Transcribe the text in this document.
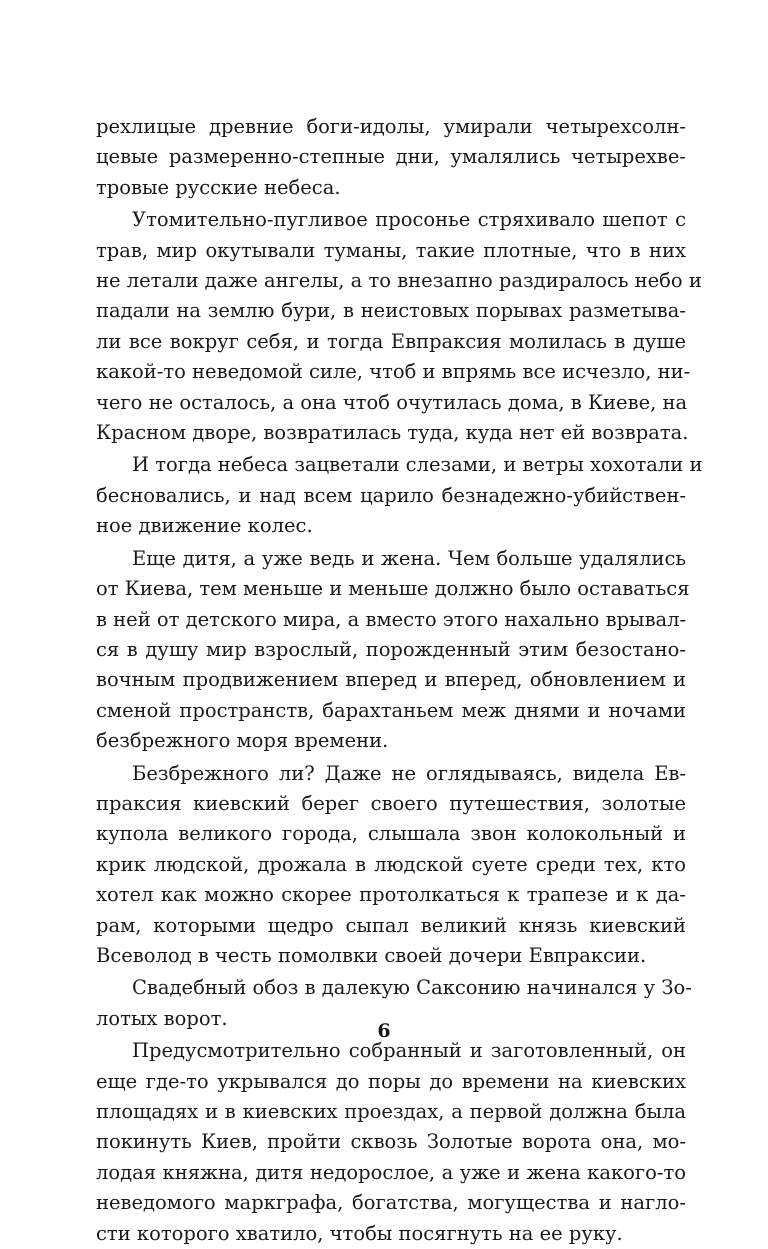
рехлицые древние боги-идолы, умирали четырехсолн-
цевые размеренно-степные дни, умалялись четырехве-
тровые русские небеса.
Утомительно-пугливое просонье стряхивало шепот с
трав, мир окутывали туманы, такие плотные, что в них
не летали даже ангелы, а то внезапно раздиралось небо и
падали на землю бури, в неистовых порывах разметыва-
ли все вокруг себя, и тогда Евпраксия молилась в душе
какой-то неведомой силе, чтоб и впрямь все исчезло, ни-
чего не осталось, а она чтоб очутилась дома, в Киеве, на
Красном дворе, возвратилась туда, куда нет ей возврата.
И тогда небеса зацветали слезами, и ветры хохотали и
бесновались, и над всем царило безнадежно-убийствен-
ное движение колес.
Еще дитя, а уже ведь и жена. Чем больше удалялись
от Киева, тем меньше и меньше должно было оставаться
в ней от детского мира, а вместо этого нахально врывал-
ся в душу мир взрослый, порожденный этим безостано-
вочным продвижением вперед и вперед, обновлением и
сменой пространств, барахтаньем меж днями и ночами
безбрежного моря времени.
Безбрежного ли? Даже не оглядываясь, видела Ев-
праксия киевский берег своего путешествия, золотые
купола великого города, слышала звон колокольный и
крик людской, дрожала в людской суете среди тех, кто
хотел как можно скорее протолкаться к трапезе и к да-
рам, которыми щедро сыпал великий князь киевский
Всеволод в честь помолвки своей дочери Евпраксии.
Свадебный обоз в далекую Саксонию начинался у Зо-
лотых ворот.
Предусмотрительно собранный и заготовленный, он
еще где-то укрывался до поры до времени на киевских
площадях и в киевских проездах, а первой должна была
покинуть Киев, пройти сквозь Золотые ворота она, мо-
лодая княжна, дитя недорослое, а уже и жена какого-то
неведомого маркграфа, богатства, могущества и нагло-
сти которого хватило, чтобы посягнуть на ее руку.
6
